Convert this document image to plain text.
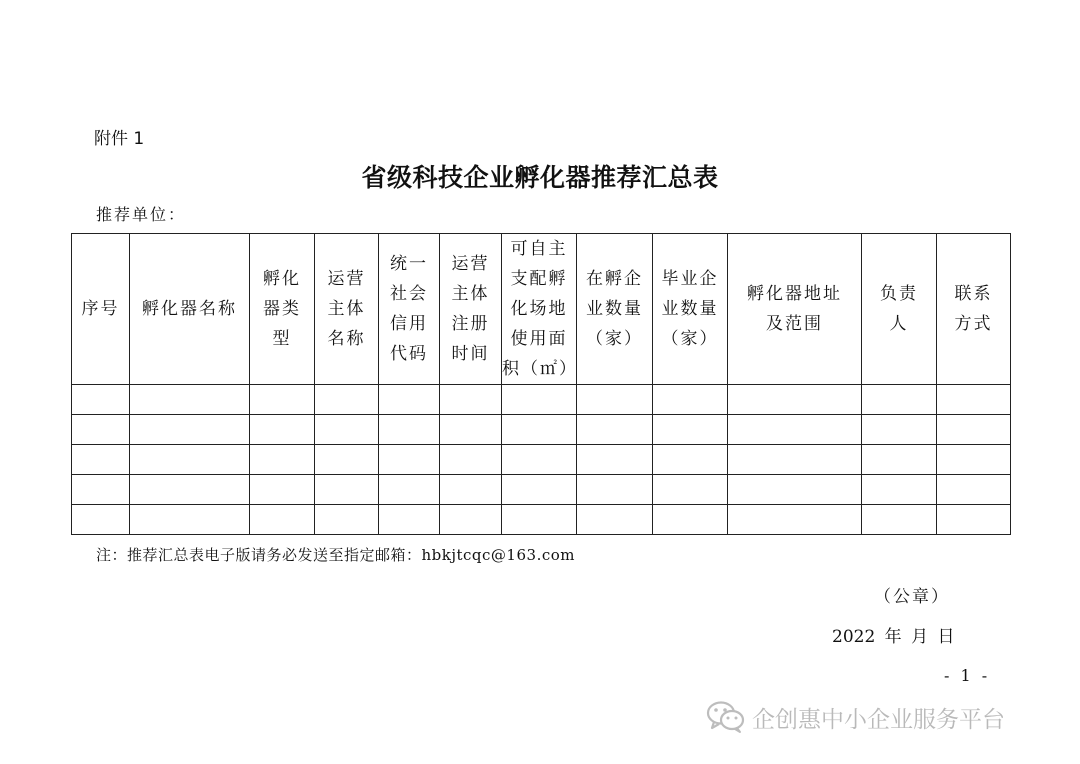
附件 1
省级科技企业孵化器推荐汇总表
推荐单位：
序号	孵化器名称	孵化
器类
型	运营
主体
名称	统一
社会
信用
代码	运营
主体
注册
时间	可自主
支配孵
化场地
使用面
积（㎡）	在孵企
业数量
（家）	毕业企
业数量
（家）	孵化器地址
及范围	负责
人	联系
方式

注：推荐汇总表电子版请务必发送至指定邮箱：hbkjtcqc@163.com
（公章）
2022 年 月 日
- 1 -
企创惠中小企业服务平台
